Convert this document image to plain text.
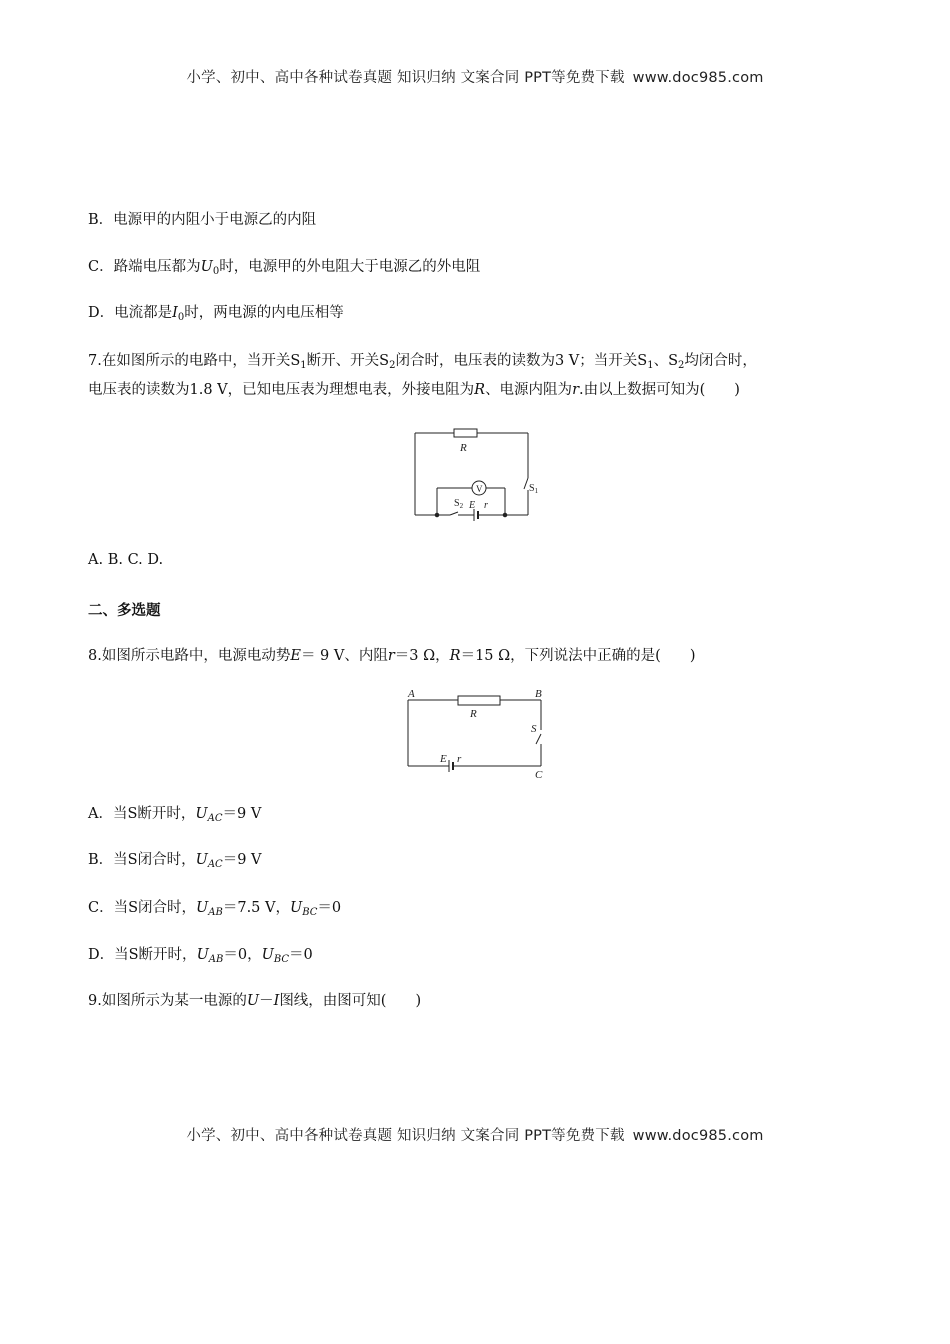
小学、初中、高中各种试卷真题 知识归纳 文案合同 PPT等免费下载 www.doc985.com
B．电源甲的内阻小于电源乙的内阻
C．路端电压都为$U_0$时，电源甲的外电阻大于电源乙的外电阻
D．电流都是$I_0$时，两电源的内电压相等
7.在如图所示的电路中，当开关$S_1$断开、开关$S_2$闭合时，电压表的读数为3 V；当开关$S_1$、$S_2$均闭合时，
电压表的读数为1.8 V，已知电压表为理想电表，外接电阻为R、电源内阻为r.由以上数据可知为(　　)
R
V	$S_1$
$S_2$ E r
A. B. C. D.
二、多选题
8.如图所示电路中，电源电动势E＝ 9 V、内阻r＝3 Ω，R＝15 Ω，下列说法中正确的是(　　)
A	B
C
R
S
E r
A．当S断开时，$U_{AC}=9$ V
B．当S闭合时，$U_{AC}=9$ V
C．当S闭合时，$U_{AB}=7.5$ V，$U_{BC}=0$
D．当S断开时，$U_{AB}=0$，$U_{BC}=0$
9.如图所示为某一电源的U－I图线，由图可知(　　)
小学、初中、高中各种试卷真题 知识归纳 文案合同 PPT等免费下载 www.doc985.com
